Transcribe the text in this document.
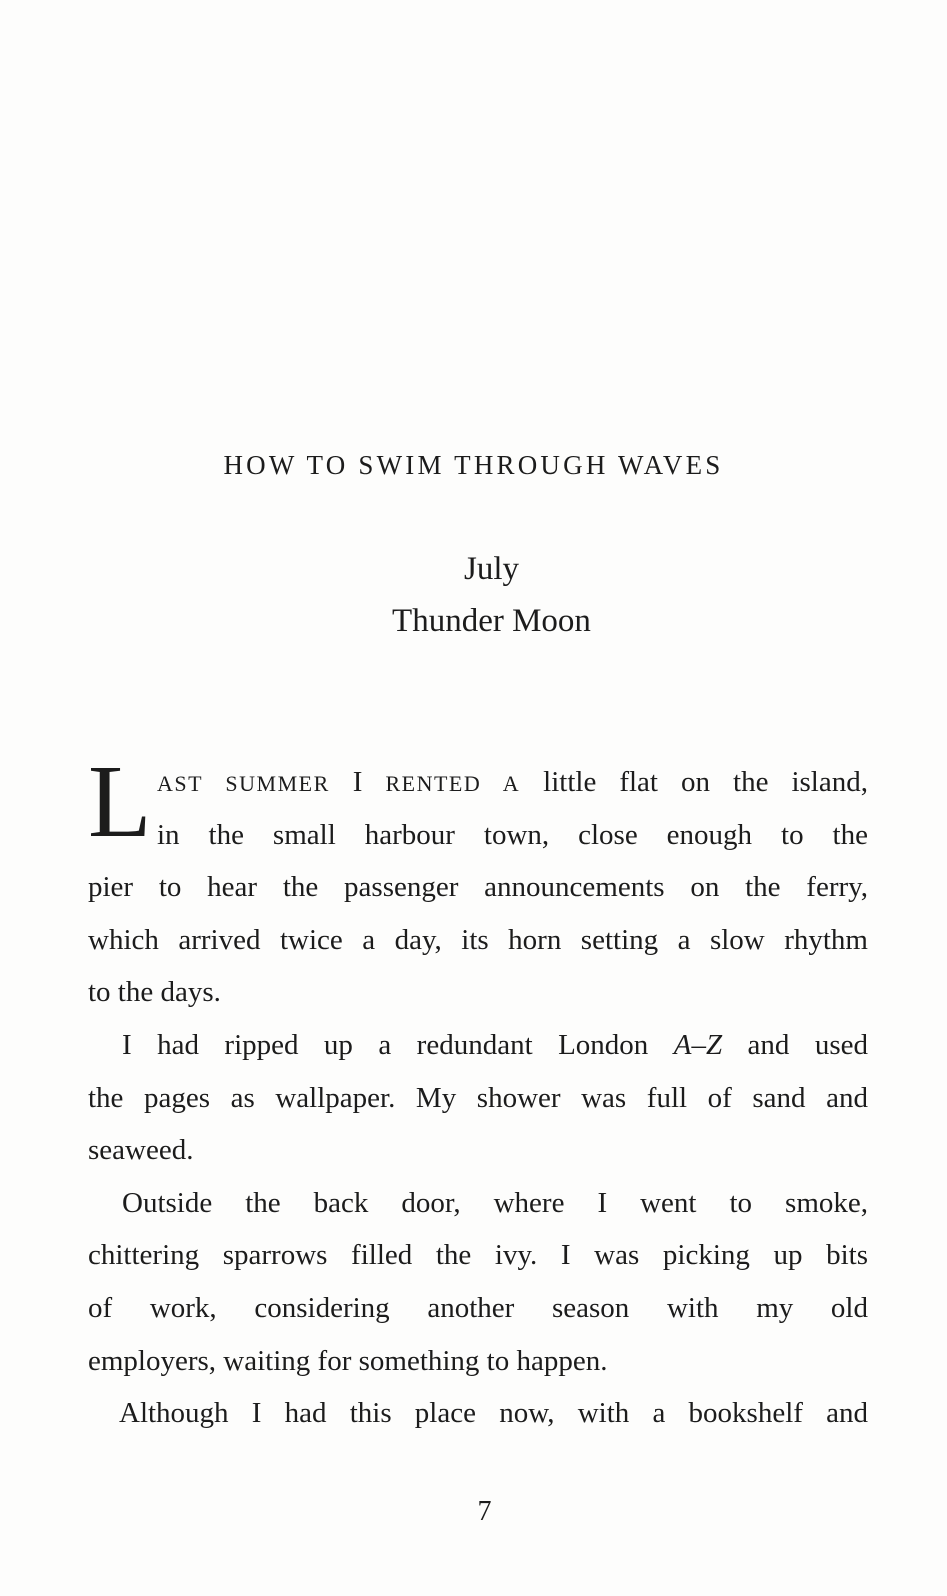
HOW TO SWIM THROUGH WAVES
July
Thunder Moon
L AST SUMMER I RENTED A little flat on the island,
in the small harbour town, close enough to the
pier to hear the passenger announcements on the ferry,
which arrived twice a day, its horn setting a slow rhythm
to the days.
I had ripped up a redundant London A–Z and used
the pages as wallpaper. My shower was full of sand and
seaweed.
Outside the back door, where I went to smoke,
chittering sparrows filled the ivy. I was picking up bits
of work, considering another season with my old
employers, waiting for something to happen.
Although I had this place now, with a bookshelf and
7
